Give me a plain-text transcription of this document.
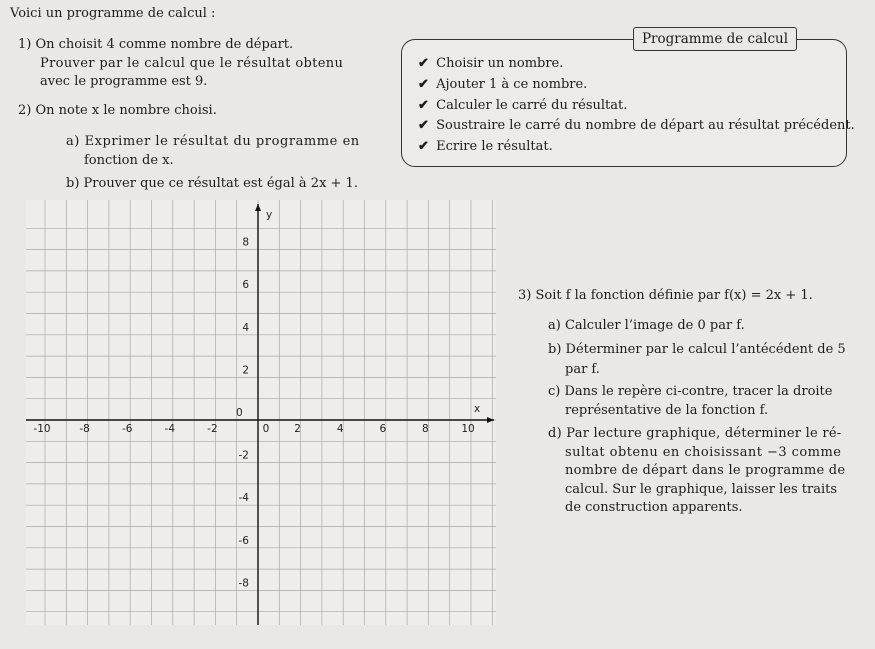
Voici un programme de calcul :
1) On choisit 4 comme nombre de départ.
Prouver par le calcul que le résultat obtenu
avec le programme est 9.
2) On note x le nombre choisi.
a) Exprimer le résultat du programme en
fonction de x.
b) Prouver que ce résultat est égal à 2x + 1.
Programme de calcul
✔ Choisir un nombre.
✔ Ajouter 1 à ce nombre.
✔ Calculer le carré du résultat.
✔ Soustraire le carré du nombre de départ au résultat précédent.
✔ Ecrire le résultat.
3) Soit f la fonction définie par f(x) = 2x + 1.
a) Calculer l’image de 0 par f.
b) Déterminer par le calcul l’antécédent de 5
par f.
c) Dans le repère ci-contre, tracer la droite
représentative de la fonction f.
d) Par lecture graphique, déterminer le ré-
sultat obtenu en choisissant −3 comme
nombre de départ dans le programme de
calcul. Sur le graphique, laisser les traits
de construction apparents.
x
y
0
-10	-8	-6	-4	-2	2	4	6	8	10
0
8
6
4
2
-2
-4
-6
-8
